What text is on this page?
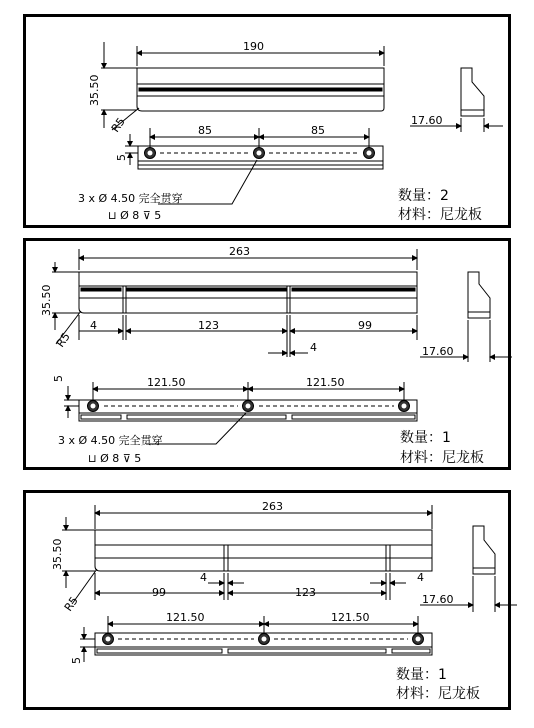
190
35.50
R5	85	85
5
3 x Ø 4.50 完全贯穿
⊔ Ø 8 ⊽ 5
17.60
数量：2
材料：尼龙板
263
35.50
R5
4	123	99
4
121.50	121.50
5
3 x Ø 4.50 完全贯穿
⊔ Ø 8 ⊽ 5
17.60
数量：1
材料：尼龙板
263
35.50
R5
99
4
123
4
121.50	121.50
5
17.60
数量：1
材料：尼龙板
